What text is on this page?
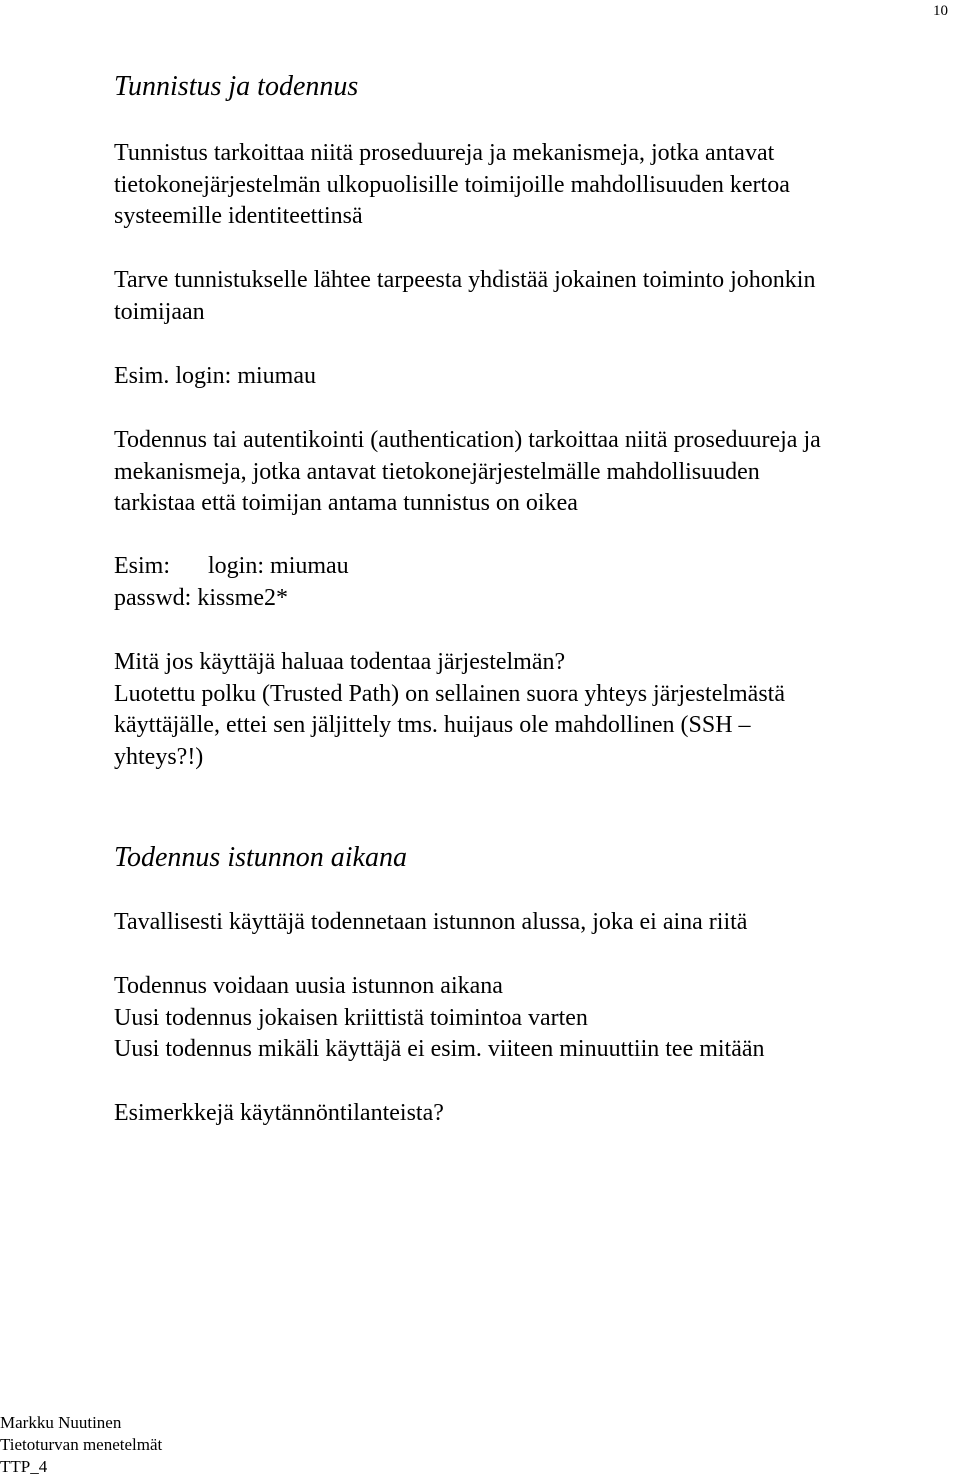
10
Tunnistus ja todennus
Tunnistus tarkoittaa niitä proseduureja ja mekanismeja, jotka antavat
tietokonejärjestelmän ulkopuolisille toimijoille mahdollisuuden kertoa
systeemille identiteettinsä
Tarve tunnistukselle lähtee tarpeesta yhdistää jokainen toiminto johonkin
toimijaan
Esim. login: miumau
Todennus tai autentikointi (authentication) tarkoittaa niitä proseduureja ja
mekanismeja, jotka antavat tietokonejärjestelmälle mahdollisuuden
tarkistaa että toimijan antama tunnistus on oikea
Esim: login: miumau
passwd: kissme2*
Mitä jos käyttäjä haluaa todentaa järjestelmän?
Luotettu polku (Trusted Path) on sellainen suora yhteys järjestelmästä
käyttäjälle, ettei sen jäljittely tms. huijaus ole mahdollinen (SSH –
yhteys?!)
Todennus istunnon aikana
Tavallisesti käyttäjä todennetaan istunnon alussa, joka ei aina riitä
Todennus voidaan uusia istunnon aikana
Uusi todennus jokaisen kriittistä toimintoa varten
Uusi todennus mikäli käyttäjä ei esim. viiteen minuuttiin tee mitään
Esimerkkejä käytännöntilanteista?
Markku Nuutinen
Tietoturvan menetelmät
TTP_4
